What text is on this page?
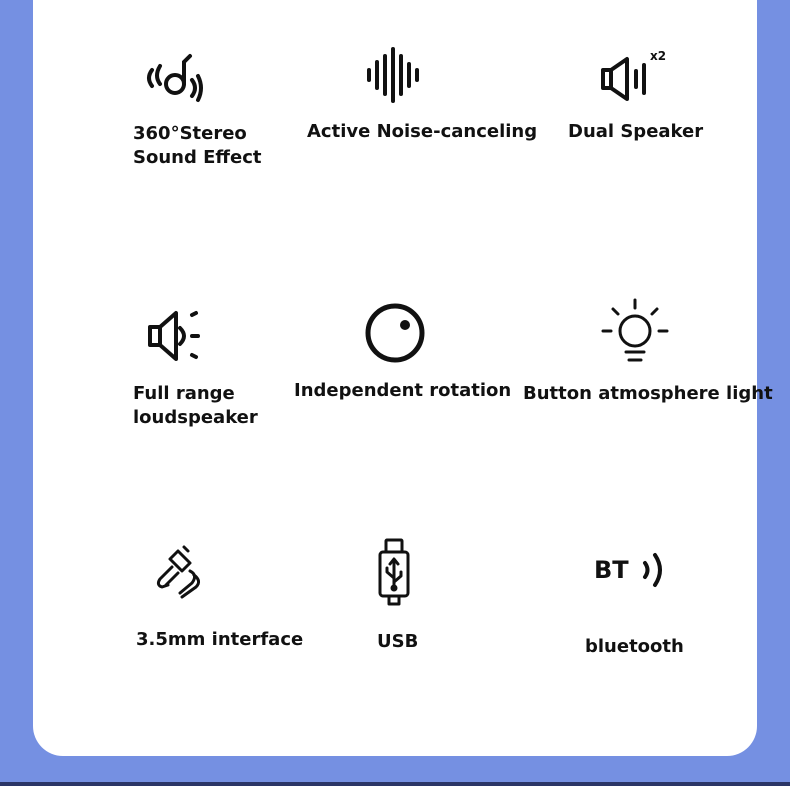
360°Stereo
Sound Effect
Active Noise-canceling
x2
Dual Speaker
Full range
loudspeaker
Independent rotation Button atmosphere light
3.5mm interface	USB
BT
bluetooth
